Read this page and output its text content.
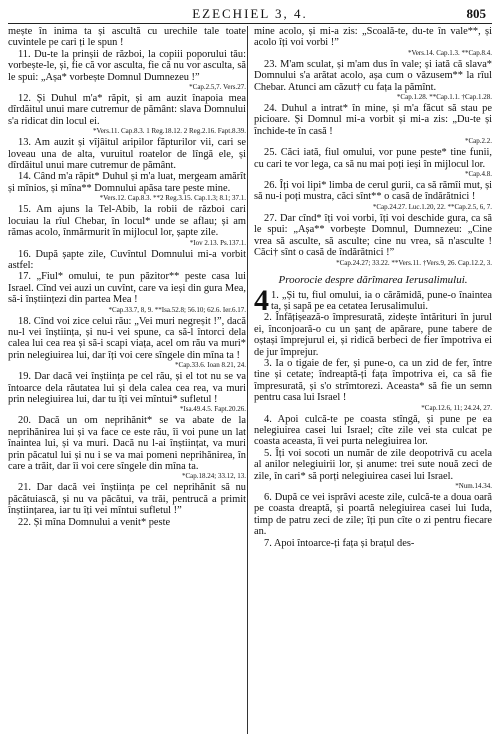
EZECHIEL 3, 4.	805

mește în inima ta și ascultă cu urechile tale toate cuvintele pe cari ți le spun !

11. Du-te la prinșii de război, la copiii poporului tău: vorbește-le, și, fie că vor asculta, fie că nu vor asculta, să le spui: „Așa* vorbește Domnul Dumnezeu !”

*Cap.2.5,7. Vers.27.

12. Și Duhul m'a* răpit, și am auzit înapoia mea dîrdăitul unui mare cutremur de pământ: slava Domnului s'a ridicat din locul ei.

*Vers.11. Cap.8.3. 1 Reg.18.12. 2 Reg.2.16. Fapt.8.39.

13. Am auzit și vîjâitul aripilor făpturilor vii, cari se loveau una de alta, vuruitul roatelor de lîngă ele, și dîrdăitul unui mare cutremur de pământ.

14. Când m'a răpit* Duhul și m'a luat, mergeam amărît și mînios, și mîna** Domnului apăsa tare peste mine.

*Vers.12. Cap.8.3. **2 Reg.3.15. Cap.1.3; 8.1; 37.1.

15. Am ajuns la Tel-Abib, la robii de război cari locuiau la rîul Chebar, în locul* unde se aflau; și am rămas acolo, înmărmurit în mijlocul lor, șapte zile.

*Iov 2.13. Ps.137.1.

16. După șapte zile, Cuvîntul Domnului mi-a vorbit astfel:

17. „Fiul* omului, te pun păzitor** peste casa lui Israel. Cînd vei auzi un cuvînt, care va ieși din gura Mea, să-i înștiințezi din partea Mea !

*Cap.33.7, 8, 9. **Isa.52.8; 56.10; 62.6. Ier.6.17.

18. Cînd voi zice celui rău: „Vei muri negreșit !”, dacă nu-l vei înștiința, și nu-i vei spune, ca să-l întorci dela calea lui cea rea și să-i scapi viața, acel om rău va muri* prin nelegiuirea lui, dar îți voi cere sîngele din mîna ta !

*Cap.33.6. Ioan 8.21, 24.

19. Dar dacă vei înștiința pe cel rău, și el tot nu se va întoarce dela răutatea lui și dela calea cea rea, va muri prin nelegiuirea lui, dar tu îți vei mîntui* sufletul !

*Isa.49.4.5. Fapt.20.26.

20. Dacă un om neprihănit* se va abate de la neprihănirea lui și va face ce este rău, îi voi pune un lat înaintea lui, și va muri. Dacă nu l-ai înștiințat, va muri prin păcatul lui și nu i se va mai pomeni neprihănirea, în care a trăit, dar îi voi cere sîngele din mîna ta.

*Cap.18.24; 33.12, 13.

21. Dar dacă vei înștiința pe cel neprihănit să nu păcătuiască, și nu va păcătui, va trăi, pentrucă a primit înștiințarea, iar tu îți vei mîntui sufletul !”

22. Și mîna Domnului a venit* peste

mine acolo, și mi-a zis: „Scoală-te, du-te în vale**, și acolo îți voi vorbi !”

*Vers.14. Cap.1.3. **Cap.8.4.

23. M'am sculat, și m'am dus în vale; și iată că slava* Domnului s'a arătat acolo, așa cum o văzusem** la rîul Chebar. Atunci am căzut† cu fața la pămînt.

*Cap.1.28. **Cap.1.1. †Cap.1.28.

24. Duhul a intrat* în mine, și m'a făcut să stau pe picioare. Și Domnul mi-a vorbit și mi-a zis: „Du-te și închide-te în casă !

*Cap.2.2.

25. Căci iată, fiul omului, vor pune peste* tine funii, cu cari te vor lega, ca să nu mai poți ieși în mijlocul lor.

*Cap.4.8.

26. Îți voi lipi* limba de cerul gurii, ca să rămîi mut, și să nu-i poți mustra, căci sînt** o casă de îndărătnici !

*Cap.24.27. Luc.1.20, 22. **Cap.2.5, 6, 7.

27. Dar cînd* îți voi vorbi, îți voi deschide gura, ca să le spui: „Așa** vorbește Domnul, Dumnezeu: „Cine vrea să asculte, să asculte; cine nu vrea, să n'asculte ! Căci† sînt o casă de îndărătnici !”

*Cap.24.27; 33.22. **Vers.11. †Vers.9, 26. Cap.12.2, 3.

Proorocie despre dărîmarea Ierusalimului.

4 1. „Și tu, fiul omului, ia o cărămidă, pune-o înaintea ta, și sapă pe ea cetatea Ierusalimului.

2. Înfățișează-o împresurată, zidește întărituri în jurul ei, înconjoară-o cu un șanț de apărare, pune tabere de oștași împrejurul ei, și ridică berbeci de fier împotriva ei de jur împrejur.

3. Ia o tigaie de fer, și pune-o, ca un zid de fer, între tine și cetate; îndreaptă-ți fața împotriva ei, ca să fie împresurată, și s'o strîmtorezi. Aceasta* să fie un semn pentru casa lui Israel !

*Cap.12.6, 11; 24.24, 27.

4. Apoi culcă-te pe coasta stîngă, și pune pe ea nelegiuirea casei lui Israel; cîte zile vei sta culcat pe coasta aceasta, îi vei purta nelegiuirea lor.

5. Îți voi socoti un număr de zile deopotrivă cu acela al anilor nelegiuirii lor, și anume: trei sute nouă zeci de zile, în cari* să porți nelegiuirea casei lui Israel.

*Num.14.34.

6. După ce vei isprăvi aceste zile, culcă-te a doua oară pe coasta dreaptă, și poartă nelegiuirea casei lui Iuda, timp de patru zeci de zile; îți pun cîte o zi pentru fiecare an.

7. Apoi întoarce-ți fața și brațul des-
